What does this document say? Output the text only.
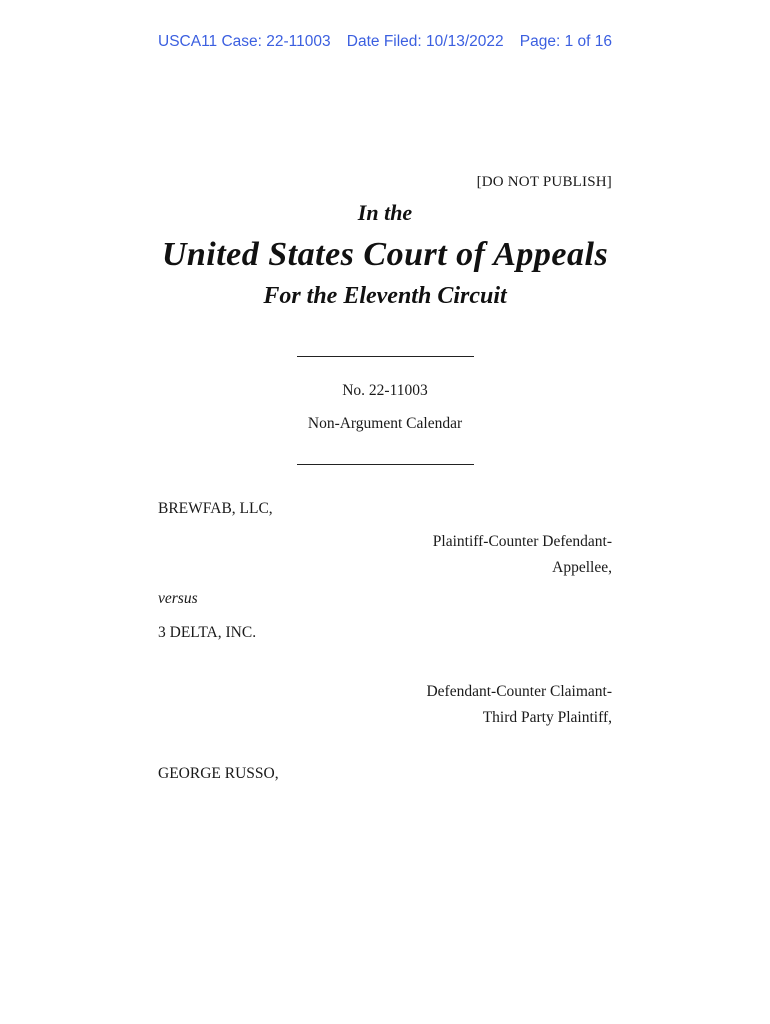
USCA11 Case: 22-11003 Date Filed: 10/13/2022 Page: 1 of 16
[DO NOT PUBLISH]
In the
United States Court of Appeals
For the Eleventh Circuit
No. 22-11003
Non-Argument Calendar
BREWFAB, LLC,
Plaintiff-Counter Defendant-
Appellee,
versus
3 DELTA, INC.
Defendant-Counter Claimant-
Third Party Plaintiff,
GEORGE RUSSO,
